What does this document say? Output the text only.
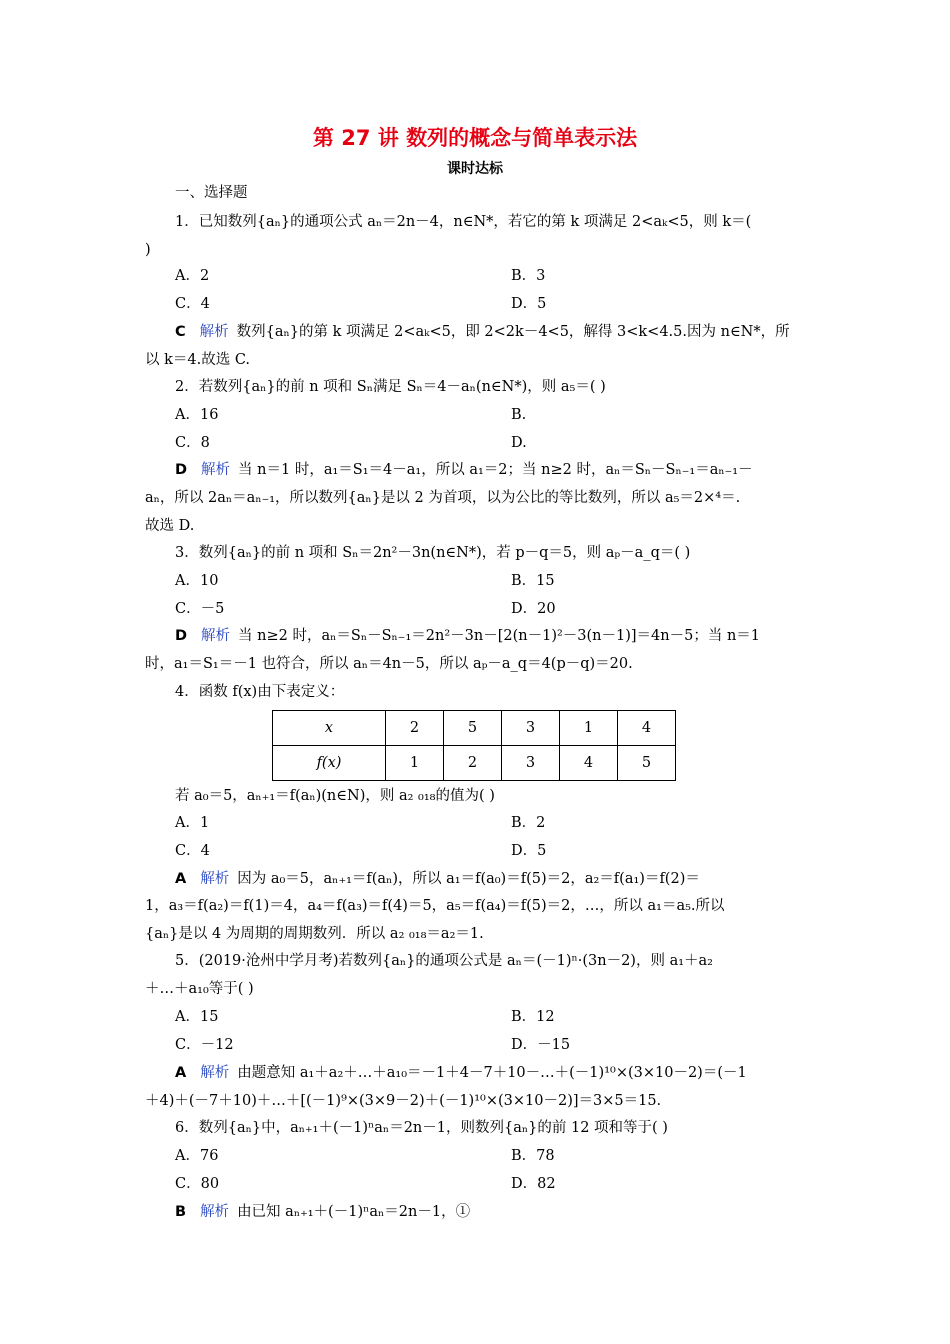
第 27 讲 数列的概念与简单表示法
课时达标
一、选择题
1．已知数列{aₙ}的通项公式 aₙ＝2n－4，n∈N*，若它的第 k 项满足 2<aₖ<5，则 k＝(
)
A．2	B．3
C．4	D．5
C 解析 数列{aₙ}的第 k 项满足 2<aₖ<5，即 2<2k－4<5，解得 3<k<4.5.因为 n∈N*，所
以 k＝4.故选 C.
2．若数列{aₙ}的前 n 项和 Sₙ满足 Sₙ＝4－aₙ(n∈N*)，则 a₅＝( )
A．16	B.
C．8	D.
D 解析 当 n＝1 时，a₁＝S₁＝4－a₁，所以 a₁＝2；当 n≥2 时，aₙ＝Sₙ－Sₙ₋₁＝aₙ₋₁－
aₙ，所以 2aₙ＝aₙ₋₁，所以数列{aₙ}是以 2 为首项，以为公比的等比数列，所以 a₅＝2×⁴＝.
故选 D.
3．数列{aₙ}的前 n 项和 Sₙ＝2n²－3n(n∈N*)，若 p－q＝5，则 aₚ－a_q＝( )
A．10	B．15
C．－5	D．20
D 解析 当 n≥2 时，aₙ＝Sₙ－Sₙ₋₁＝2n²－3n－[2(n－1)²－3(n－1)]＝4n－5；当 n＝1
时，a₁＝S₁＝－1 也符合，所以 aₙ＝4n－5，所以 aₚ－a_q＝4(p－q)＝20.
4．函数 f(x)由下表定义：
x	2	5	3	1	4
f(x)	1	2	3	4	5
若 a₀＝5，aₙ₊₁＝f(aₙ)(n∈N)，则 a₂ ₀₁₈的值为( )
A．1	B．2
C．4	D．5
A 解析 因为 a₀＝5，aₙ₊₁＝f(aₙ)，所以 a₁＝f(a₀)＝f(5)＝2，a₂＝f(a₁)＝f(2)＝
1，a₃＝f(a₂)＝f(1)＝4，a₄＝f(a₃)＝f(4)＝5，a₅＝f(a₄)＝f(5)＝2，…，所以 a₁＝a₅.所以
{aₙ}是以 4 为周期的周期数列．所以 a₂ ₀₁₈＝a₂＝1.
5．(2019·沧州中学月考)若数列{aₙ}的通项公式是 aₙ＝(－1)ⁿ·(3n－2)，则 a₁＋a₂
＋…＋a₁₀等于( )
A．15	B．12
C．－12	D．－15
A 解析 由题意知 a₁＋a₂＋…＋a₁₀＝－1＋4－7＋10－…＋(－1)¹⁰×(3×10－2)＝(－1
＋4)＋(－7＋10)＋…＋[(－1)⁹×(3×9－2)＋(－1)¹⁰×(3×10－2)]＝3×5＝15.
6．数列{aₙ}中，aₙ₊₁＋(－1)ⁿaₙ＝2n－1，则数列{aₙ}的前 12 项和等于( )
A．76	B．78
C．80	D．82
B 解析 由已知 aₙ₊₁＋(－1)ⁿaₙ＝2n－1，①
